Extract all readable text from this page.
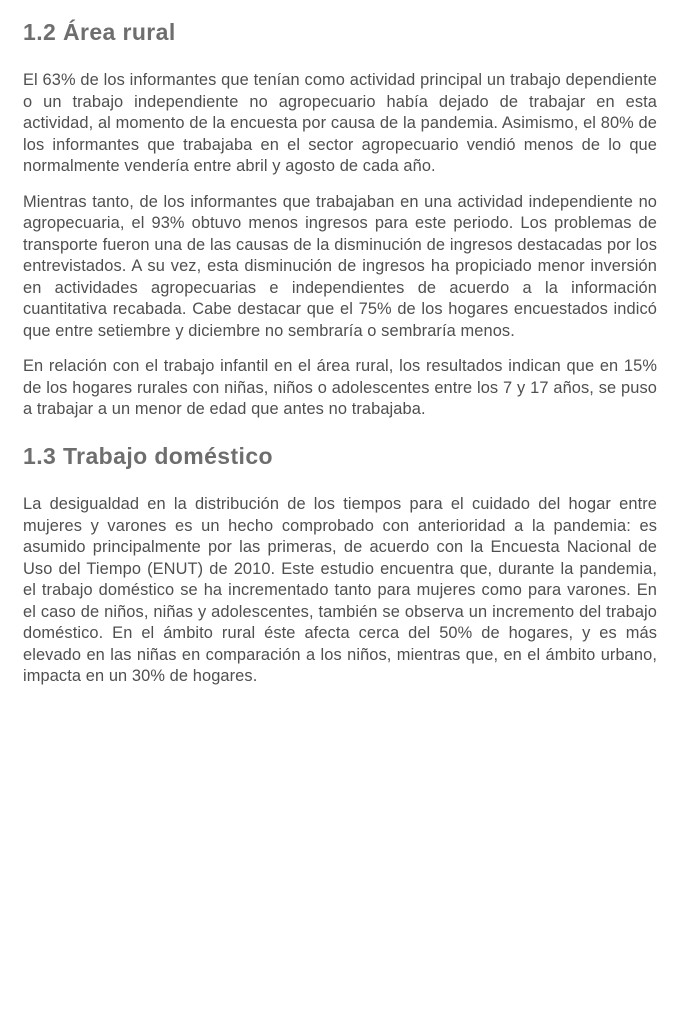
1.2 Área rural

El 63% de los informantes que tenían como actividad principal un trabajo dependiente o un trabajo independiente no agropecuario había dejado de trabajar en esta actividad, al momento de la encuesta por causa de la pandemia. Asimismo, el 80% de los informantes que trabajaba en el sector agropecuario vendió menos de lo que normalmente vendería entre abril y agosto de cada año.

Mientras tanto, de los informantes que trabajaban en una actividad independiente no agropecuaria, el 93% obtuvo menos ingresos para este periodo. Los problemas de transporte fueron una de las causas de la disminución de ingresos destacadas por los entrevistados. A su vez, esta disminución de ingresos ha propiciado menor inversión en actividades agropecuarias e independientes de acuerdo a la información cuantitativa recabada. Cabe destacar que el 75% de los hogares encuestados indicó que entre setiembre y diciembre no sembraría o sembraría menos.

En relación con el trabajo infantil en el área rural, los resultados indican que en 15% de los hogares rurales con niñas, niños o adolescentes entre los 7 y 17 años, se puso a trabajar a un menor de edad que antes no trabajaba.

1.3 Trabajo doméstico

La desigualdad en la distribución de los tiempos para el cuidado del hogar entre mujeres y varones es un hecho comprobado con anterioridad a la pandemia: es asumido principalmente por las primeras, de acuerdo con la Encuesta Nacional de Uso del Tiempo (ENUT) de 2010. Este estudio encuentra que, durante la pandemia, el trabajo doméstico se ha incrementado tanto para mujeres como para varones. En el caso de niños, niñas y adolescentes, también se observa un incremento del trabajo doméstico. En el ámbito rural éste afecta cerca del 50% de hogares, y es más elevado en las niñas en comparación a los niños, mientras que, en el ámbito urbano, impacta en un 30% de hogares.
